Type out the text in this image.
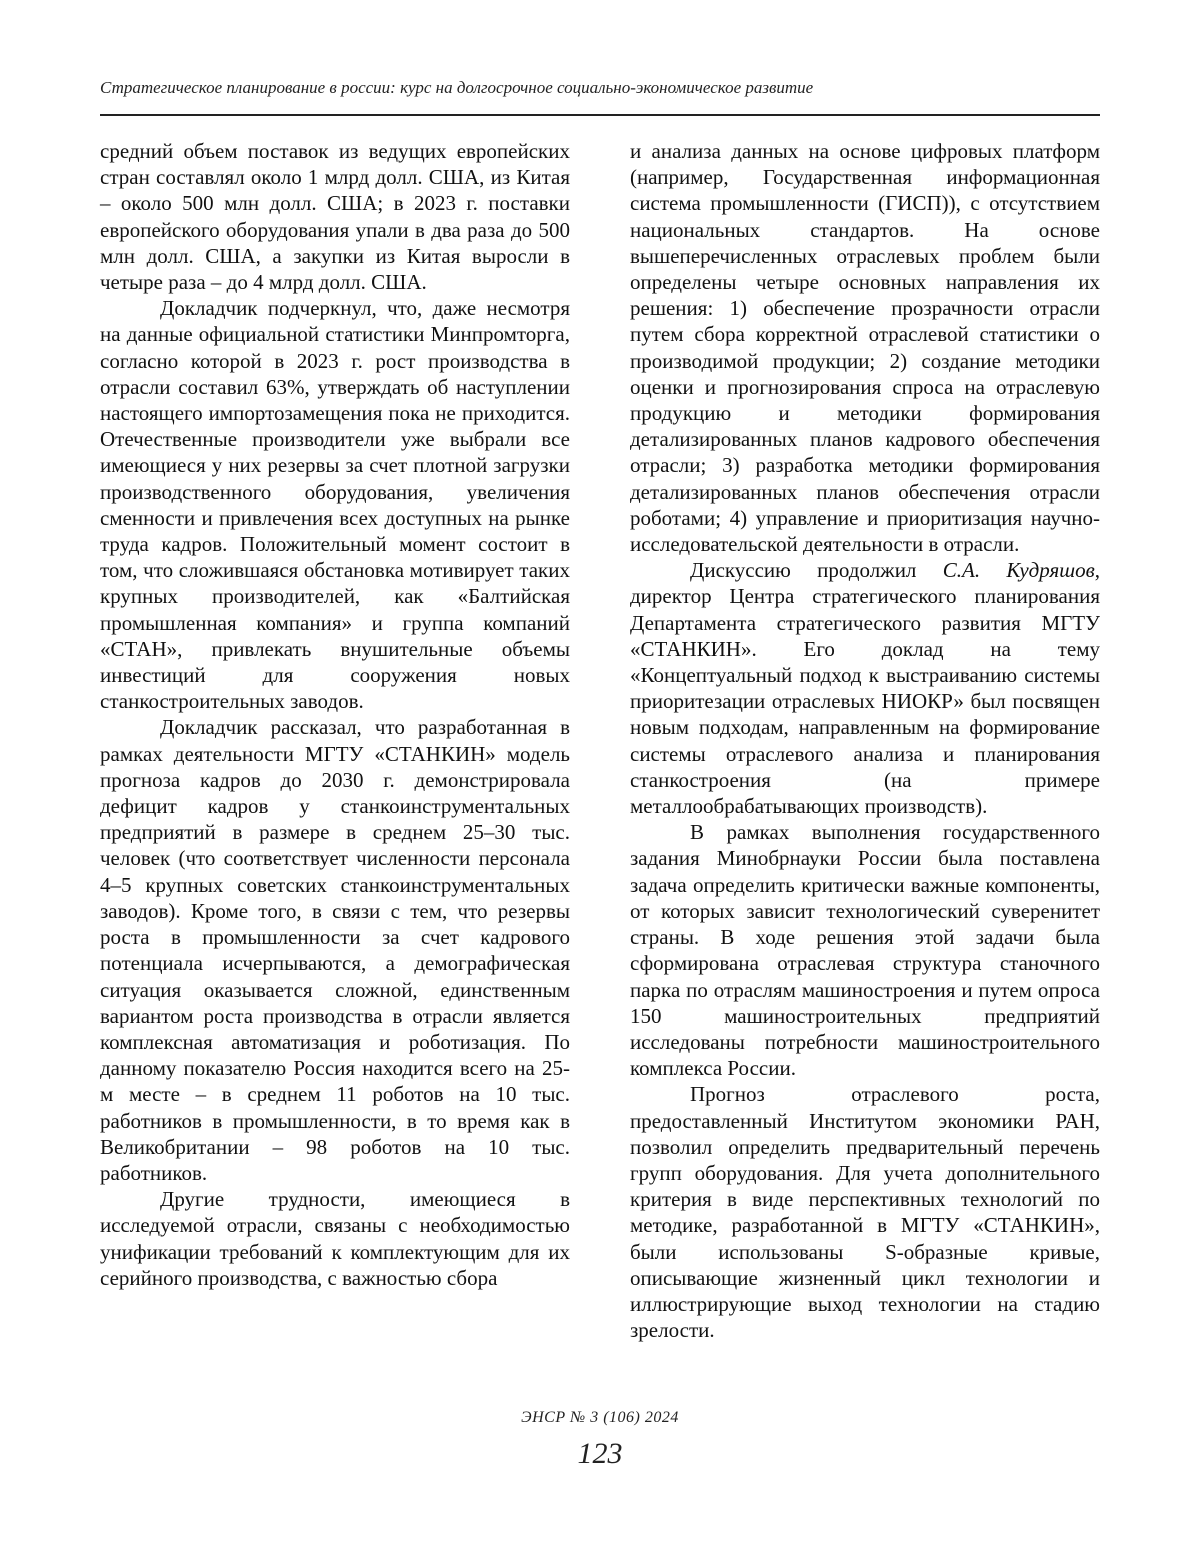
Стратегическое планирование в россии: курс на долгосрочное социально-экономическое развитие

средний объем поставок из ведущих европейских стран составлял около 1 млрд долл. США, из Китая – около 500 млн долл. США; в 2023 г. поставки европейского оборудования упали в два раза до 500 млн долл. США, а закупки из Китая выросли в четыре раза – до 4 млрд долл. США.

Докладчик подчеркнул, что, даже несмотря на данные официальной статистики Минпромторга, согласно которой в 2023 г. рост производства в отрасли составил 63%, утверждать об наступлении настоящего импортозамещения пока не приходится. Отечественные производители уже выбрали все имеющиеся у них резервы за счет плотной загрузки производственного оборудования, увеличения сменности и привлечения всех доступных на рынке труда кадров. Положительный момент состоит в том, что сложившаяся обстановка мотивирует таких крупных производителей, как «Балтийская промышленная компания» и группа компаний «СТАН», привлекать внушительные объемы инвестиций для сооружения новых станкостроительных заводов.

Докладчик рассказал, что разработанная в рамках деятельности МГТУ «СТАНКИН» модель прогноза кадров до 2030 г. демонстрировала дефицит кадров у станкоинструментальных предприятий в размере в среднем 25–30 тыс. человек (что соответствует численности персонала 4–5 крупных советских станкоинструментальных заводов). Кроме того, в связи с тем, что резервы роста в промышленности за счет кадрового потенциала исчерпываются, а демографическая ситуация оказывается сложной, единственным вариантом роста производства в отрасли является комплексная автоматизация и роботизация. По данному показателю Россия находится всего на 25-м месте – в среднем 11 роботов на 10 тыс. работников в промышленности, в то время как в Великобритании – 98 роботов на 10 тыс. работников.

Другие трудности, имеющиеся в исследуемой отрасли, связаны с необходимостью унификации требований к комплектующим для их серийного производства, с важностью сбора

и анализа данных на основе цифровых платформ (например, Государственная информационная система промышленности (ГИСП)), с отсутствием национальных стандартов. На основе вышеперечисленных отраслевых проблем были определены четыре основных направления их решения: 1) обеспечение прозрачности отрасли путем сбора корректной отраслевой статистики о производимой продукции; 2) создание методики оценки и прогнозирования спроса на отраслевую продукцию и методики формирования детализированных планов кадрового обеспечения отрасли; 3) разработка методики формирования детализированных планов обеспечения отрасли роботами; 4) управление и приоритизация научно-исследовательской деятельности в отрасли.

Дискуссию продолжил С.А. Кудряшов, директор Центра стратегического планирования Департамента стратегического развития МГТУ «СТАНКИН». Его доклад на тему «Концептуальный подход к выстраиванию системы приоритезации отраслевых НИОКР» был посвящен новым подходам, направленным на формирование системы отраслевого анализа и планирования станкостроения (на примере металлообрабатывающих производств).

В рамках выполнения государственного задания Минобрнауки России была поставлена задача определить критически важные компоненты, от которых зависит технологический суверенитет страны. В ходе решения этой задачи была сформирована отраслевая структура станочного парка по отраслям машиностроения и путем опроса 150 машиностроительных предприятий исследованы потребности машиностроительного комплекса России.

Прогноз отраслевого роста, предоставленный Институтом экономики РАН, позволил определить предварительный перечень групп оборудования. Для учета дополнительного критерия в виде перспективных технологий по методике, разработанной в МГТУ «СТАНКИН», были использованы S-образные кривые, описывающие жизненный цикл технологии и иллюстрирующие выход технологии на стадию зрелости.

ЭНСР № 3 (106) 2024
123
